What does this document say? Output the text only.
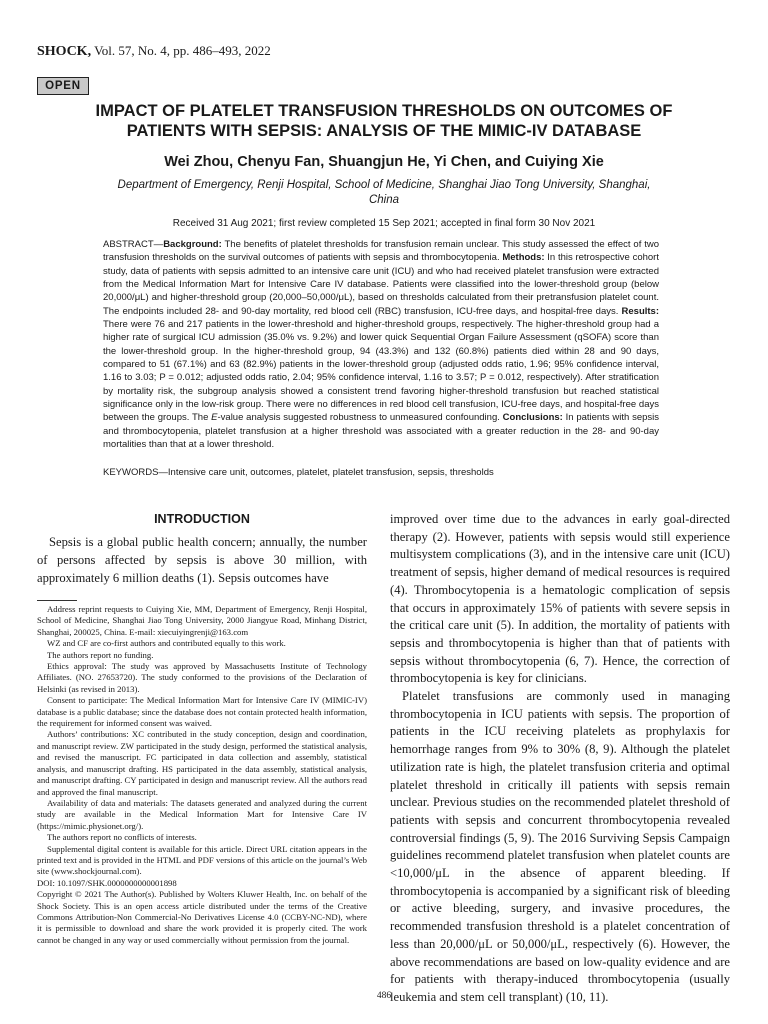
SHOCK, Vol. 57, No. 4, pp. 486–493, 2022
OPEN
IMPACT OF PLATELET TRANSFUSION THRESHOLDS ON OUTCOMES OF
PATIENTS WITH SEPSIS: ANALYSIS OF THE MIMIC-IV DATABASE
Wei Zhou, Chenyu Fan, Shuangjun He, Yi Chen, and Cuiying Xie
Department of Emergency, Renji Hospital, School of Medicine, Shanghai Jiao Tong University, Shanghai,
China
Received 31 Aug 2021; first review completed 15 Sep 2021; accepted in final form 30 Nov 2021
ABSTRACT—Background: The benefits of platelet thresholds for transfusion remain unclear. This study assessed the effect of two transfusion thresholds on the survival outcomes of patients with sepsis and thrombocytopenia. Methods: In this retrospective cohort study, data of patients with sepsis admitted to an intensive care unit (ICU) and who had received platelet transfusion were extracted from the Medical Information Mart for Intensive Care IV database. Patients were classified into the lower-threshold group (below 20,000/μL) and higher-threshold group (20,000–50,000/μL), based on thresholds calculated from their pretransfusion platelet count. The endpoints included 28- and 90-day mortality, red blood cell (RBC) transfusion, ICU-free days, and hospital-free days. Results: There were 76 and 217 patients in the lower-threshold and higher-threshold groups, respectively. The higher-threshold group had a higher rate of surgical ICU admission (35.0% vs. 9.2%) and lower quick Sequential Organ Failure Assessment (qSOFA) score than the lower-threshold group. In the higher-threshold group, 94 (43.3%) and 132 (60.8%) patients died within 28 and 90 days, compared to 51 (67.1%) and 63 (82.9%) patients in the lower-threshold group (adjusted odds ratio, 1.96; 95% confidence interval, 1.16 to 3.03; P = 0.012; adjusted odds ratio, 2.04; 95% confidence interval, 1.16 to 3.57; P = 0.012, respectively). After stratification by mortality risk, the subgroup analysis showed a consistent trend favoring higher-threshold transfusion but reached statistical significance only in the low-risk group. There were no differences in red blood cell transfusion, ICU-free days, and hospital-free days between the groups. The E-value analysis suggested robustness to unmeasured confounding. Conclusions: In patients with sepsis and thrombocytopenia, platelet transfusion at a higher threshold was associated with a greater reduction in the 28- and 90-day mortalities than that at a lower threshold.
KEYWORDS—Intensive care unit, outcomes, platelet, platelet transfusion, sepsis, thresholds
INTRODUCTION
Sepsis is a global public health concern; annually, the number of persons affected by sepsis is above 30 million, with approximately 6 million deaths (1). Sepsis outcomes have

Address reprint requests to Cuiying Xie, MM, Department of Emergency, Renji Hospital, School of Medicine, Shanghai Jiao Tong University, 2000 Jiangyue Road, Minhang District, Shanghai, 200025, China. E-mail: xiecuiyingrenji@163.com

WZ and CF are co-first authors and contributed equally to this work.

The authors report no funding.

Ethics approval: The study was approved by Massachusetts Institute of Technology Affiliates. (NO. 27653720). The study conformed to the provisions of the Declaration of Helsinki (as revised in 2013).

Consent to participate: The Medical Information Mart for Intensive Care IV (MIMIC-IV) database is a public database; since the database does not contain protected health information, the requirement for informed consent was waived.

Authors’ contributions: XC contributed in the study conception, design and coordination, and manuscript review. ZW participated in the study design, performed the statistical analysis, and revised the manuscript. FC participated in data collection and assembly, statistical analysis, and manuscript drafting. HS participated in the data assembly, statistical analysis, and manuscript drafting. CY participated in design and manuscript review. All the authors read and approved the final manuscript.

Availability of data and materials: The datasets generated and analyzed during the current study are available in the Medical Information Mart for Intensive Care IV (https://mimic.physionet.org/).

The authors report no conflicts of interests.

Supplemental digital content is available for this article. Direct URL citation appears in the printed text and is provided in the HTML and PDF versions of this article on the journal’s Web site (www.shockjournal.com).

DOI: 10.1097/SHK.0000000000001898

Copyright © 2021 The Author(s). Published by Wolters Kluwer Health, Inc. on behalf of the Shock Society. This is an open access article distributed under the terms of the Creative Commons Attribution-Non Commercial-No Derivatives License 4.0 (CCBY-NC-ND), where it is permissible to download and share the work provided it is properly cited. The work cannot be changed in any way or used commercially without permission from the journal.

improved over time due to the advances in early goal-directed therapy (2). However, patients with sepsis would still experience multisystem complications (3), and in the intensive care unit (ICU) treatment of sepsis, higher demand of medical resources is required (4). Thrombocytopenia is a hematologic complication of sepsis that occurs in approximately 15% of patients with severe sepsis in the critical care unit (5). In addition, the mortality of patients with sepsis and thrombocytopenia is higher than that of patients with sepsis without thrombocytopenia (6, 7). Hence, the correction of thrombocytopenia is key for clinicians.

Platelet transfusions are commonly used in managing thrombocytopenia in ICU patients with sepsis. The proportion of patients in the ICU receiving platelets as prophylaxis for hemorrhage ranges from 9% to 30% (8, 9). Although the platelet utilization rate is high, the platelet transfusion criteria and optimal platelet threshold in critically ill patients with sepsis remain unclear. Previous studies on the recommended platelet threshold of patients with sepsis and concurrent thrombocytopenia revealed controversial findings (5, 9). The 2016 Surviving Sepsis Campaign guidelines recommend platelet transfusion when platelet counts are <10,000/μL in the absence of apparent bleeding. If thrombocytopenia is accompanied by a significant risk of bleeding or active bleeding, surgery, and invasive procedures, the recommended transfusion threshold is a platelet concentration of less than 20,000/μL or 50,000/μL, respectively (6). However, the above recommendations are based on low-quality evidence and are for patients with therapy-induced thrombocytopenia (usually leukemia and stem cell transplant) (10, 11).

486
